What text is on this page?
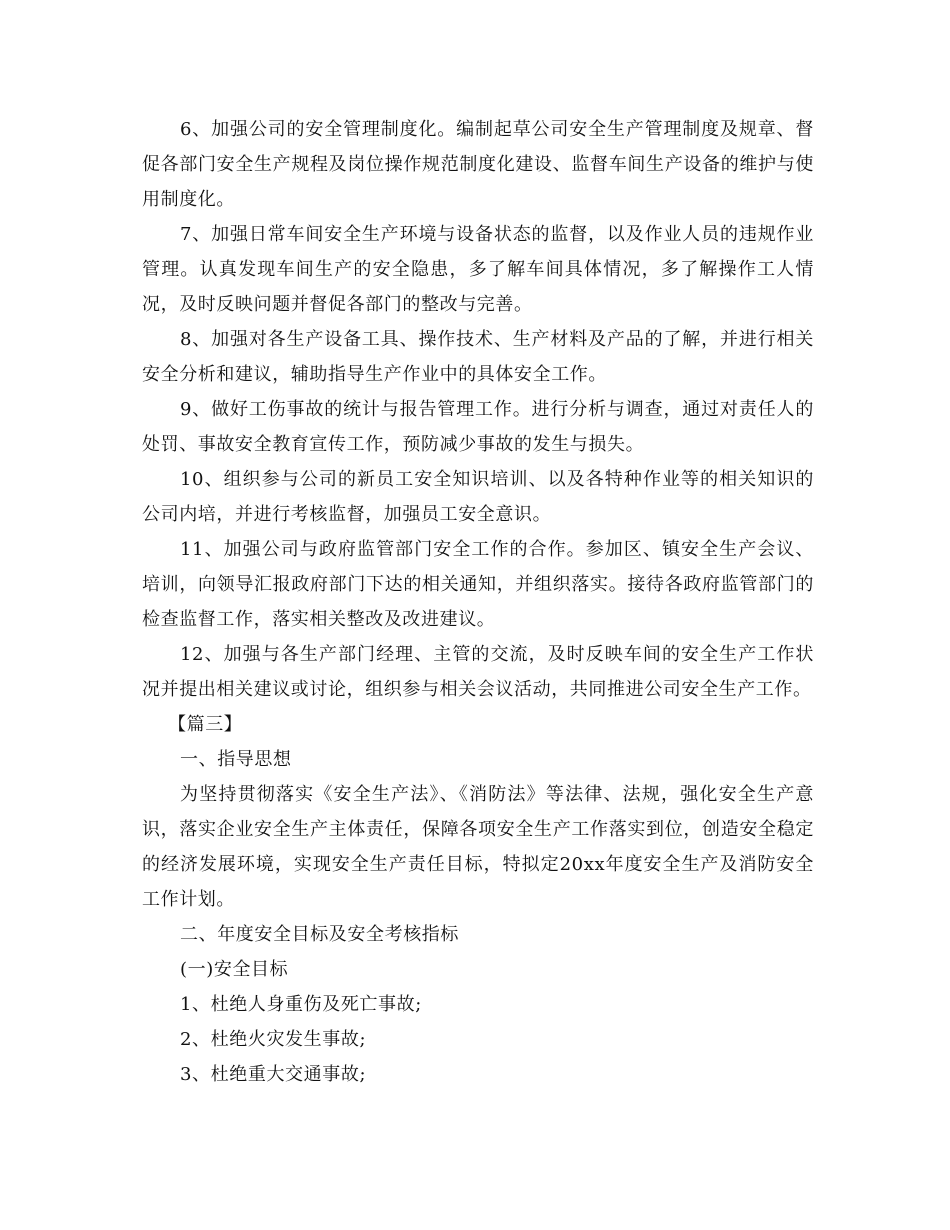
6、加强公司的安全管理制度化。编制起草公司安全生产管理制度及规章、督促各部门安全生产规程及岗位操作规范制度化建设、监督车间生产设备的维护与使用制度化。

7、加强日常车间安全生产环境与设备状态的监督，以及作业人员的违规作业管理。认真发现车间生产的安全隐患，多了解车间具体情况，多了解操作工人情况，及时反映问题并督促各部门的整改与完善。

8、加强对各生产设备工具、操作技术、生产材料及产品的了解，并进行相关安全分析和建议，辅助指导生产作业中的具体安全工作。

9、做好工伤事故的统计与报告管理工作。进行分析与调查，通过对责任人的处罚、事故安全教育宣传工作，预防减少事故的发生与损失。

10、组织参与公司的新员工安全知识培训、以及各特种作业等的相关知识的公司内培，并进行考核监督，加强员工安全意识。

11、加强公司与政府监管部门安全工作的合作。参加区、镇安全生产会议、培训，向领导汇报政府部门下达的相关通知，并组织落实。接待各政府监管部门的检查监督工作，落实相关整改及改进建议。

12、加强与各生产部门经理、主管的交流，及时反映车间的安全生产工作状况并提出相关建议或讨论，组织参与相关会议活动，共同推进公司安全生产工作。

【篇三】

一、指导思想

为坚持贯彻落实《安全生产法》、《消防法》等法律、法规，强化安全生产意识，落实企业安全生产主体责任，保障各项安全生产工作落实到位，创造安全稳定的经济发展环境，实现安全生产责任目标，特拟定20xx年度安全生产及消防安全工作计划。

二、年度安全目标及安全考核指标

(一)安全目标

1、杜绝人身重伤及死亡事故;

2、杜绝火灾发生事故;

3、杜绝重大交通事故;
